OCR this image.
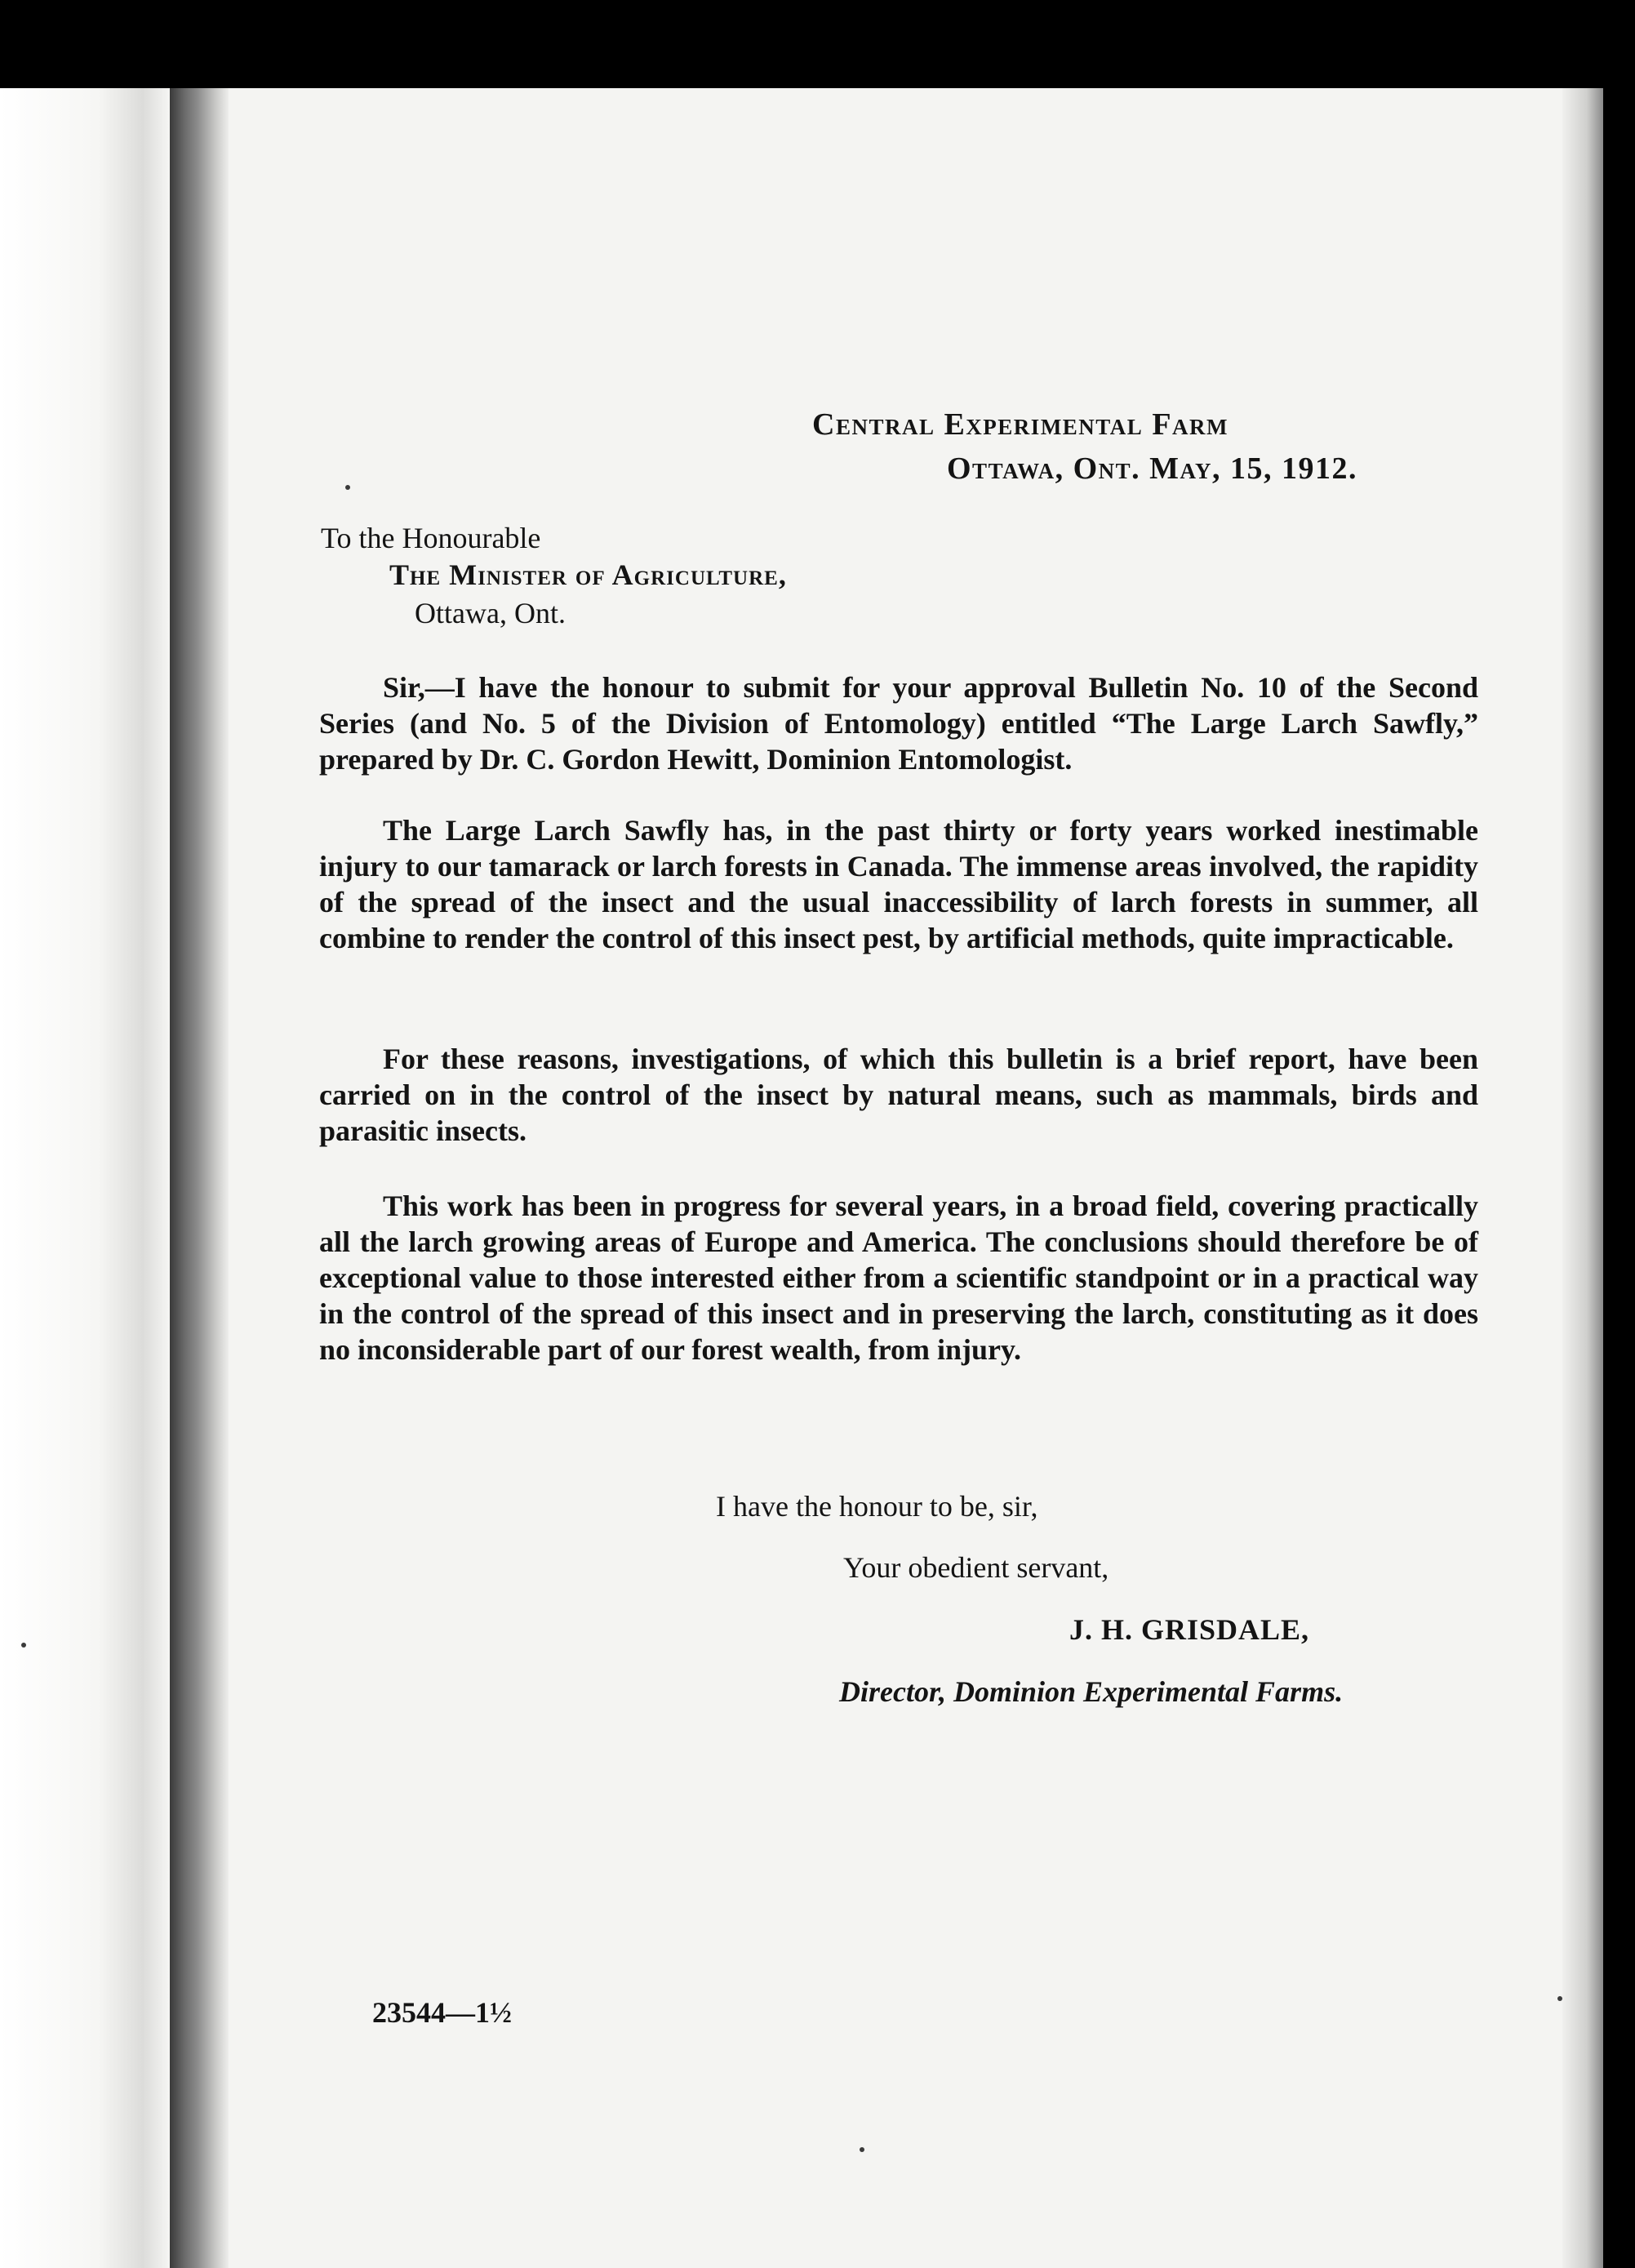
Central Experimental Farm
Ottawa, Ont. May, 15, 1912.
To the Honourable
The Minister of Agriculture,
Ottawa, Ont.
Sir,—I have the honour to submit for your approval Bulletin No. 10 of the Second Series (and No. 5 of the Division of Entomology) entitled “The Large Larch Sawfly,” prepared by Dr. C. Gordon Hewitt, Dominion Entomologist.
The Large Larch Sawfly has, in the past thirty or forty years worked inestimable injury to our tamarack or larch forests in Canada. The immense areas involved, the rapidity of the spread of the insect and the usual inaccessibility of larch forests in summer, all combine to render the control of this insect pest, by artificial methods, quite impracticable.
For these reasons, investigations, of which this bulletin is a brief report, have been carried on in the control of the insect by natural means, such as mammals, birds and parasitic insects.
This work has been in progress for several years, in a broad field, covering practically all the larch growing areas of Europe and America. The conclusions should therefore be of exceptional value to those interested either from a scientific standpoint or in a practical way in the control of the spread of this insect and in preserving the larch, constituting as it does no inconsiderable part of our forest wealth, from injury.
I have the honour to be, sir,
Your obedient servant,
J. H. GRISDALE,
Director, Dominion Experimental Farms.
23544—1½
